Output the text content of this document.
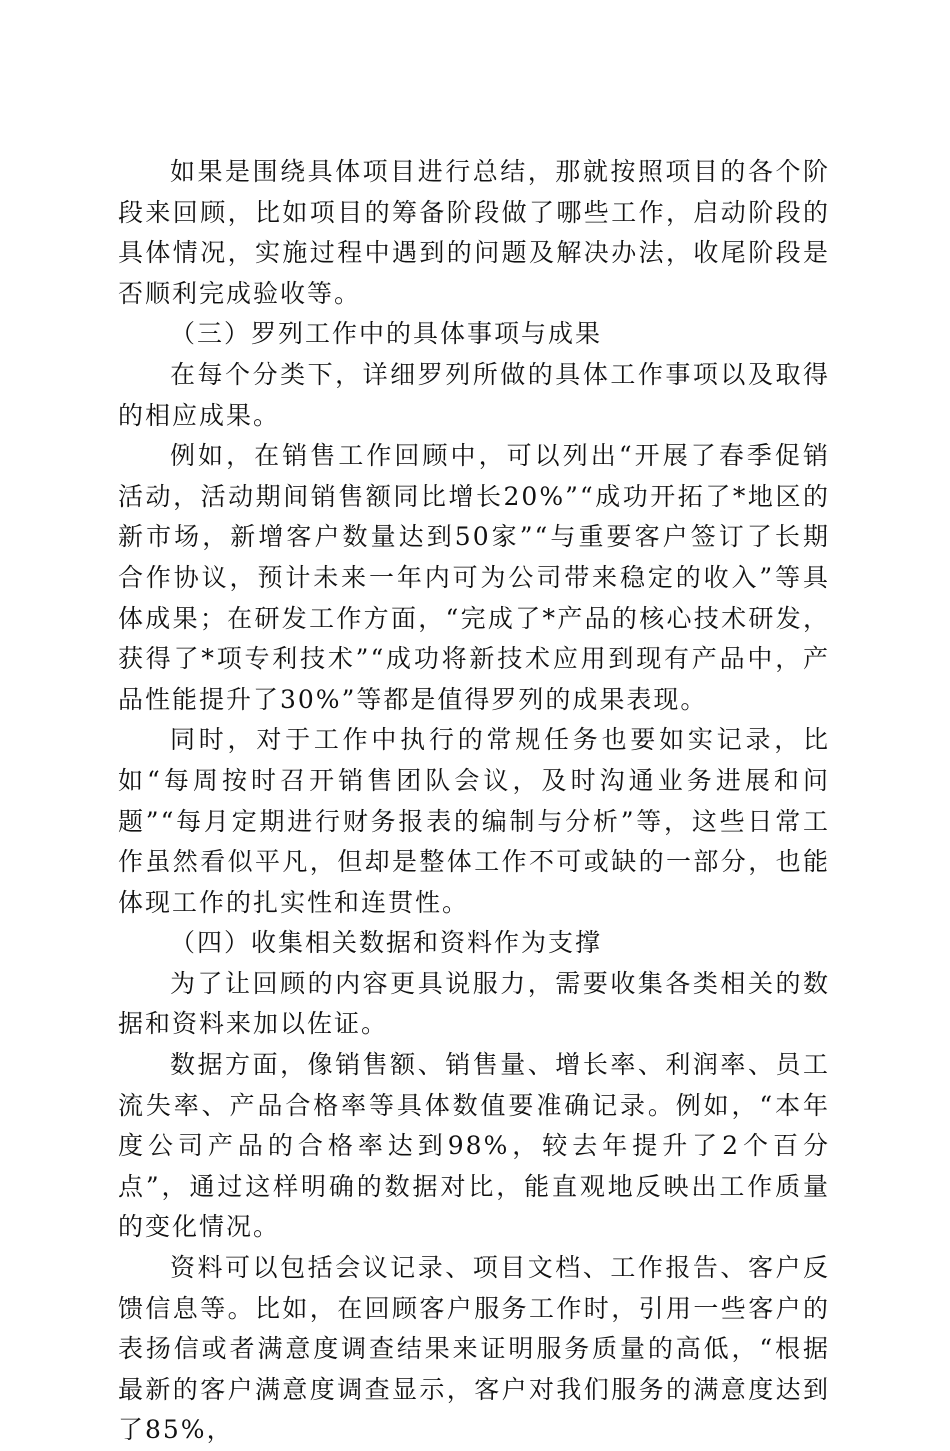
如果是围绕具体项目进行总结，那就按照项目的各个阶段来回顾，比如项目的筹备阶段做了哪些工作，启动阶段的具体情况，实施过程中遇到的问题及解决办法，收尾阶段是否顺利完成验收等。

（三）罗列工作中的具体事项与成果

在每个分类下，详细罗列所做的具体工作事项以及取得的相应成果。

例如，在销售工作回顾中，可以列出“开展了春季促销活动，活动期间销售额同比增长20%”“成功开拓了*地区的新市场，新增客户数量达到50家”“与重要客户签订了长期合作协议，预计未来一年内可为公司带来稳定的收入”等具体成果；在研发工作方面，“完成了*产品的核心技术研发，获得了*项专利技术”“成功将新技术应用到现有产品中，产品性能提升了30%”等都是值得罗列的成果表现。

同时，对于工作中执行的常规任务也要如实记录，比如“每周按时召开销售团队会议，及时沟通业务进展和问题”“每月定期进行财务报表的编制与分析”等，这些日常工作虽然看似平凡，但却是整体工作不可或缺的一部分，也能体现工作的扎实性和连贯性。

（四）收集相关数据和资料作为支撑

为了让回顾的内容更具说服力，需要收集各类相关的数据和资料来加以佐证。

数据方面，像销售额、销售量、增长率、利润率、员工流失率、产品合格率等具体数值要准确记录。例如，“本年度公司产品的合格率达到98%，较去年提升了2个百分点”，通过这样明确的数据对比，能直观地反映出工作质量的变化情况。

资料可以包括会议记录、项目文档、工作报告、客户反馈信息等。比如，在回顾客户服务工作时，引用一些客户的表扬信或者满意度调查结果来证明服务质量的高低，“根据最新的客户满意度调查显示，客户对我们服务的满意度达到了85%，
